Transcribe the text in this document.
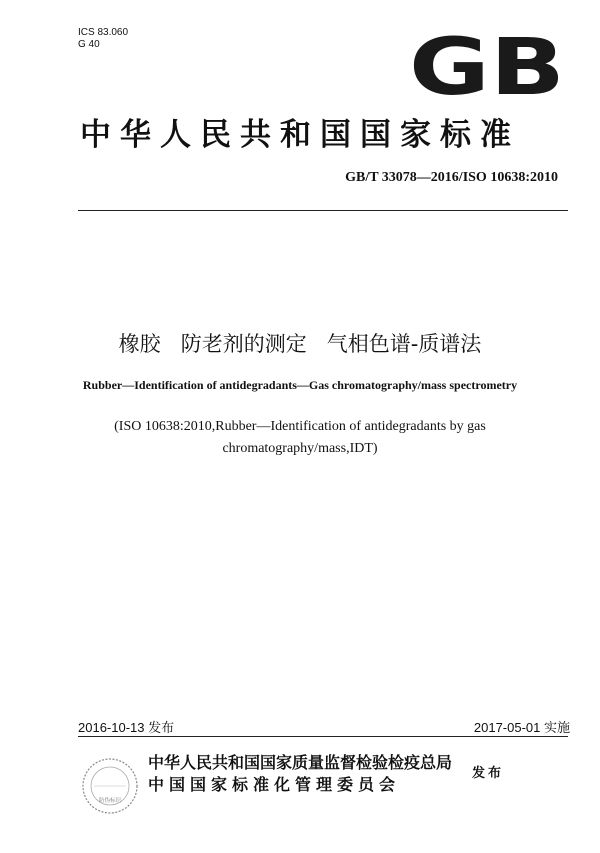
ICS 83.060
G 40	GB
中华人民共和国国家标准
GB/T 33078—2016/ISO 10638:2010
橡胶   防老剂的测定   气相色谱-质谱法
Rubber—Identification of antidegradants—Gas chromatography/mass spectrometry
(ISO 10638:2010,Rubber—Identification of antidegradants by gas
chromatography/mass,IDT)
2016-10-13 发布	2017-05-01 实施
防伪标识
中华人民共和国国家质量监督检验检疫总局
中国国家标准化管理委员会
发布
